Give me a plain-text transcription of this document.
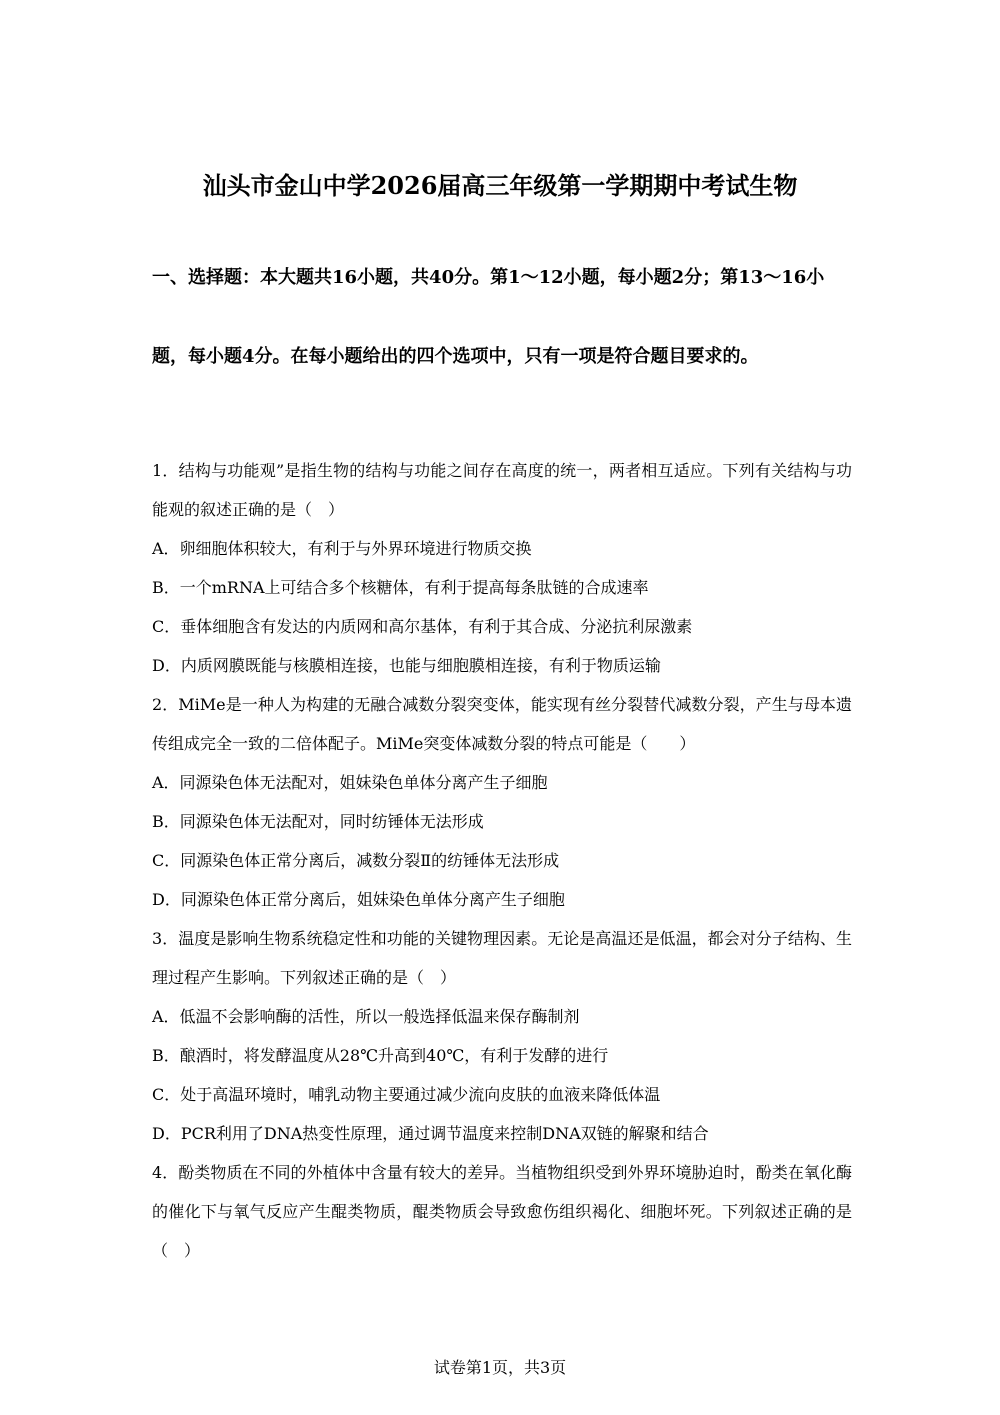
汕头市金山中学2026届高三年级第一学期期中考试生物
一、选择题：本大题共16小题，共40分。第1～12小题，每小题2分；第13～16小题，每小题4分。在每小题给出的四个选项中，只有一项是符合题目要求的。
1．结构与功能观”是指生物的结构与功能之间存在高度的统一，两者相互适应。下列有关结构与功能观的叙述正确的是（　）
A．卵细胞体积较大，有利于与外界环境进行物质交换
B．一个mRNA上可结合多个核糖体，有利于提高每条肽链的合成速率
C．垂体细胞含有发达的内质网和高尔基体，有利于其合成、分泌抗利尿激素
D．内质网膜既能与核膜相连接，也能与细胞膜相连接，有利于物质运输
2．MiMe是一种人为构建的无融合减数分裂突变体，能实现有丝分裂替代减数分裂，产生与母本遗传组成完全一致的二倍体配子。MiMe突变体减数分裂的特点可能是（　　）
A．同源染色体无法配对，姐妹染色单体分离产生子细胞
B．同源染色体无法配对，同时纺锤体无法形成
C．同源染色体正常分离后，减数分裂Ⅱ的纺锤体无法形成
D．同源染色体正常分离后，姐妹染色单体分离产生子细胞
3．温度是影响生物系统稳定性和功能的关键物理因素。无论是高温还是低温，都会对分子结构、生理过程产生影响。下列叙述正确的是（　）
A．低温不会影响酶的活性，所以一般选择低温来保存酶制剂
B．酿酒时，将发酵温度从28℃升高到40℃，有利于发酵的进行
C．处于高温环境时，哺乳动物主要通过减少流向皮肤的血液来降低体温
D．PCR利用了DNA热变性原理，通过调节温度来控制DNA双链的解聚和结合
4．酚类物质在不同的外植体中含量有较大的差异。当植物组织受到外界环境胁迫时，酚类在氧化酶的催化下与氧气反应产生醌类物质，醌类物质会导致愈伤组织褐化、细胞坏死。下列叙述正确的是（　）
试卷第1页，共3页
